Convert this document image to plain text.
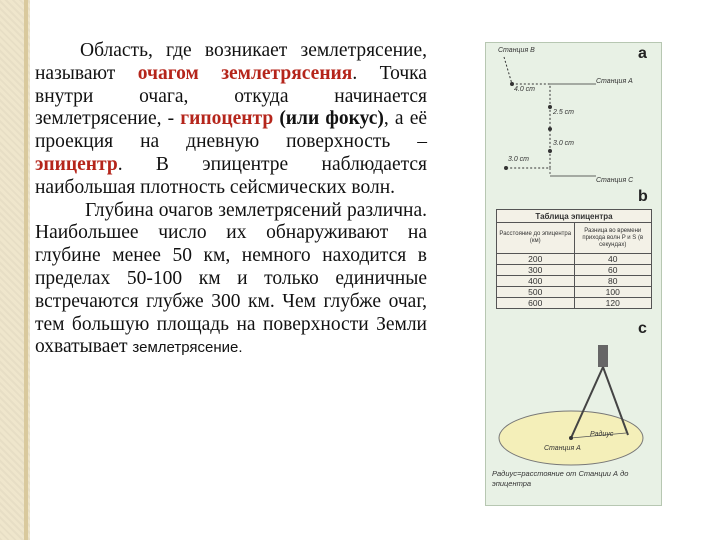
Область, где возникает землетрясение, называют очагом землетрясения. Точка внутри очага, откуда начинается землетрясение, - гипоцентр (или фокус), а её проекция на дневную поверхность – эпицентр. В эпицентре наблюдается наибольшая плотность сейсмических волн.

Глубина очагов землетрясений различна. Наибольшее число их обнаруживают на глубине менее 50 км, немного находится в пределах 50-100 км и только единичные встречаются глубже 300 км. Чем глубже очаг, тем большую площадь на поверхности Земли охватывает землетрясение.

a
b
c
Станция В
Станция А
4.0 cm
2.5 cm
3.0 cm
3.0 cm
Станция С
Таблица эпицентра	
Расстояние до эпицентра (км)	Разница во времени прихода волн P и S (в секундах)
200	40
300	60
400	80
500	100
600	120
Радиус
Станция А
Радиус=расстояние от Станции А до эпицентра
